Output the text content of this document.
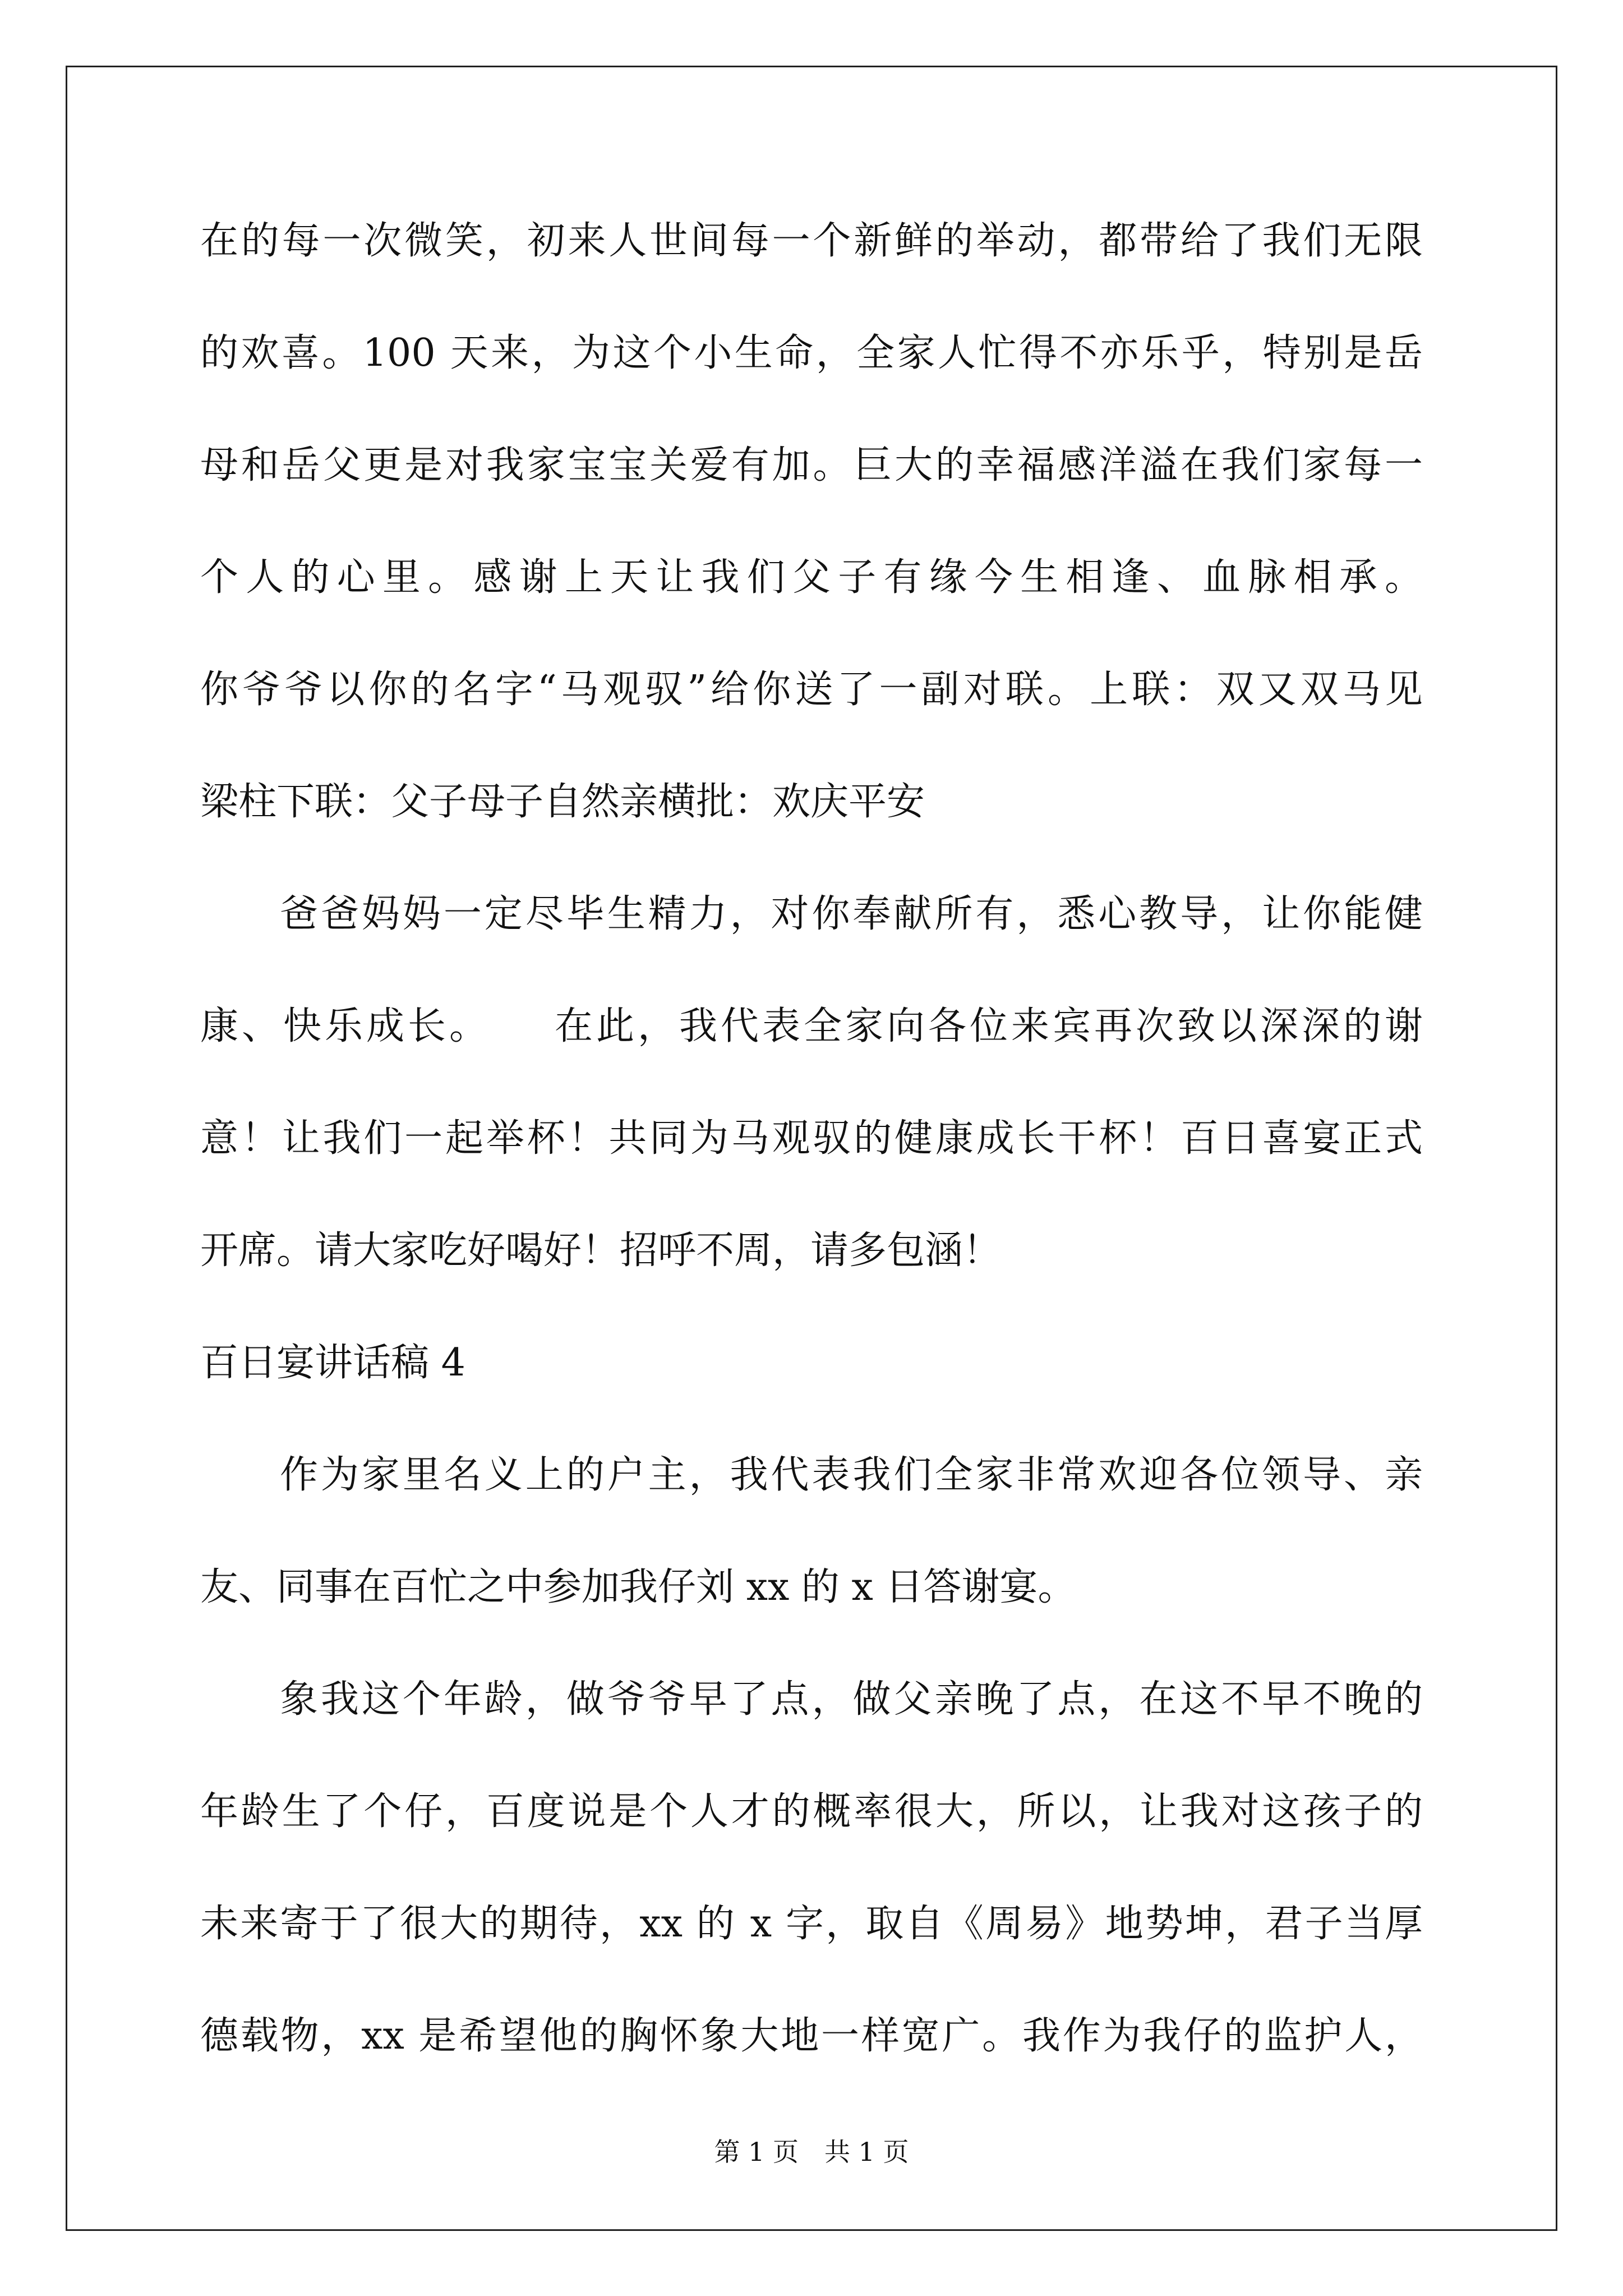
在的每一次微笑，初来人世间每一个新鲜的举动，都带给了我们无限
的欢喜。100 天来，为这个小生命，全家人忙得不亦乐乎，特别是岳
母和岳父更是对我家宝宝关爱有加。巨大的幸福感洋溢在我们家每一
个人的心里。感谢上天让我们父子有缘今生相逢、血脉相承。
你爷爷以你的名字“马观驭”给你送了一副对联。上联：双又双马见
梁柱下联：父子母子自然亲横批：欢庆平安
爸爸妈妈一定尽毕生精力，对你奉献所有，悉心教导，让你能健
康、快乐成长。　　在此，我代表全家向各位来宾再次致以深深的谢
意！让我们一起举杯！共同为马观驭的健康成长干杯！百日喜宴正式
开席。请大家吃好喝好！招呼不周，请多包涵！
百日宴讲话稿 4
作为家里名义上的户主，我代表我们全家非常欢迎各位领导、亲
友、同事在百忙之中参加我仔刘 xx 的 x 日答谢宴。
象我这个年龄，做爷爷早了点，做父亲晚了点，在这不早不晚的
年龄生了个仔，百度说是个人才的概率很大，所以，让我对这孩子的
未来寄于了很大的期待，xx 的 x 字，取自《周易》地势坤，君子当厚
德载物，xx 是希望他的胸怀象大地一样宽广。我作为我仔的监护人，
第 1 页　共 1 页
